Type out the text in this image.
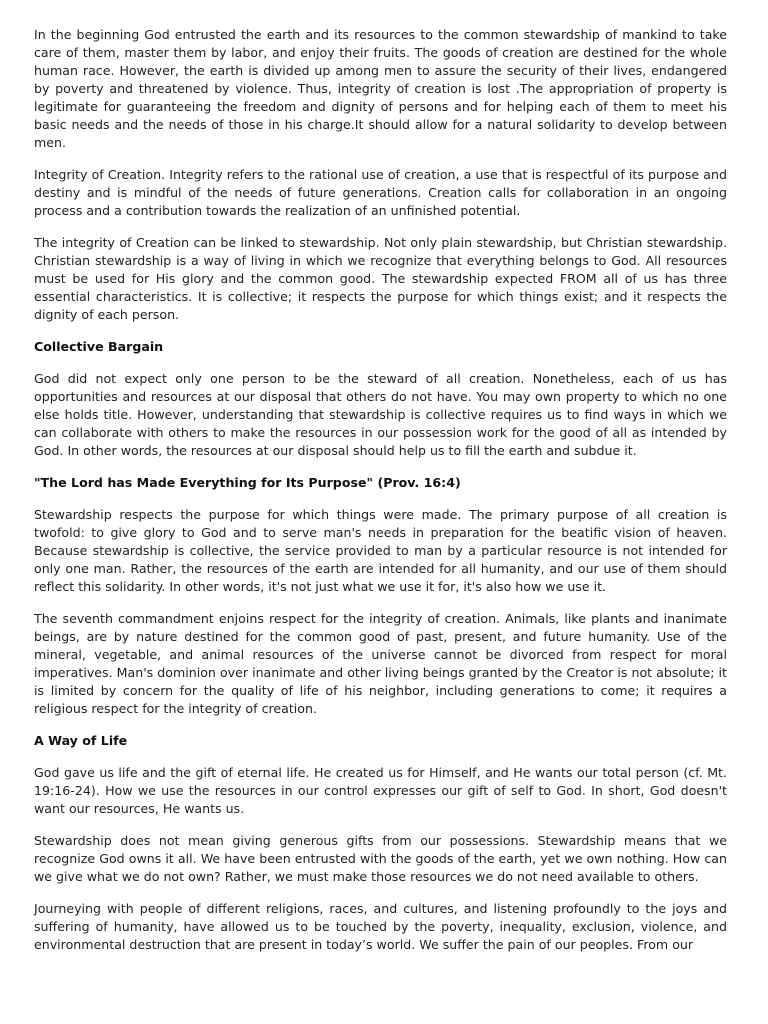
In the beginning God entrusted the earth and its resources to the common stewardship of mankind to take care of them, master them by labor, and enjoy their fruits. The goods of creation are destined for the whole human race. However, the earth is divided up among men to assure the security of their lives, endangered by poverty and threatened by violence. Thus, integrity of creation is lost .The appropriation of property is legitimate for guaranteeing the freedom and dignity of persons and for helping each of them to meet his basic needs and the needs of those in his charge.It should allow for a natural solidarity to develop between men.

Integrity of Creation. Integrity refers to the rational use of creation, a use that is respectful of its purpose and destiny and is mindful of the needs of future generations. Creation calls for collaboration in an ongoing process and a contribution towards the realization of an unfinished potential.

The integrity of Creation can be linked to stewardship. Not only plain stewardship, but Christian stewardship. Christian stewardship is a way of living in which we recognize that everything belongs to God. All resources must be used for His glory and the common good. The stewardship expected FROM all of us has three essential characteristics. It is collective; it respects the purpose for which things exist; and it respects the dignity of each person.

Collective Bargain

God did not expect only one person to be the steward of all creation. Nonetheless, each of us has opportunities and resources at our disposal that others do not have. You may own property to which no one else holds title. However, understanding that stewardship is collective requires us to find ways in which we can collaborate with others to make the resources in our possession work for the good of all as intended by God. In other words, the resources at our disposal should help us to fill the earth and subdue it.

"The Lord has Made Everything for Its Purpose" (Prov. 16:4)

Stewardship respects the purpose for which things were made. The primary purpose of all creation is twofold: to give glory to God and to serve man's needs in preparation for the beatific vision of heaven. Because stewardship is collective, the service provided to man by a particular resource is not intended for only one man. Rather, the resources of the earth are intended for all humanity, and our use of them should reflect this solidarity. In other words, it's not just what we use it for, it's also how we use it.

The seventh commandment enjoins respect for the integrity of creation. Animals, like plants and inanimate beings, are by nature destined for the common good of past, present, and future humanity. Use of the mineral, vegetable, and animal resources of the universe cannot be divorced from respect for moral imperatives. Man's dominion over inanimate and other living beings granted by the Creator is not absolute; it is limited by concern for the quality of life of his neighbor, including generations to come; it requires a religious respect for the integrity of creation.

A Way of Life

God gave us life and the gift of eternal life. He created us for Himself, and He wants our total person (cf. Mt. 19:16-24). How we use the resources in our control expresses our gift of self to God. In short, God doesn't want our resources, He wants us.

Stewardship does not mean giving generous gifts from our possessions. Stewardship means that we recognize God owns it all. We have been entrusted with the goods of the earth, yet we own nothing. How can we give what we do not own? Rather, we must make those resources we do not need available to others.

Journeying with people of different religions, races, and cultures, and listening profoundly to the joys and suffering of humanity, have allowed us to be touched by the poverty, inequality, exclusion, violence, and environmental destruction that are present in today’s world. We suffer the pain of our peoples. From our
